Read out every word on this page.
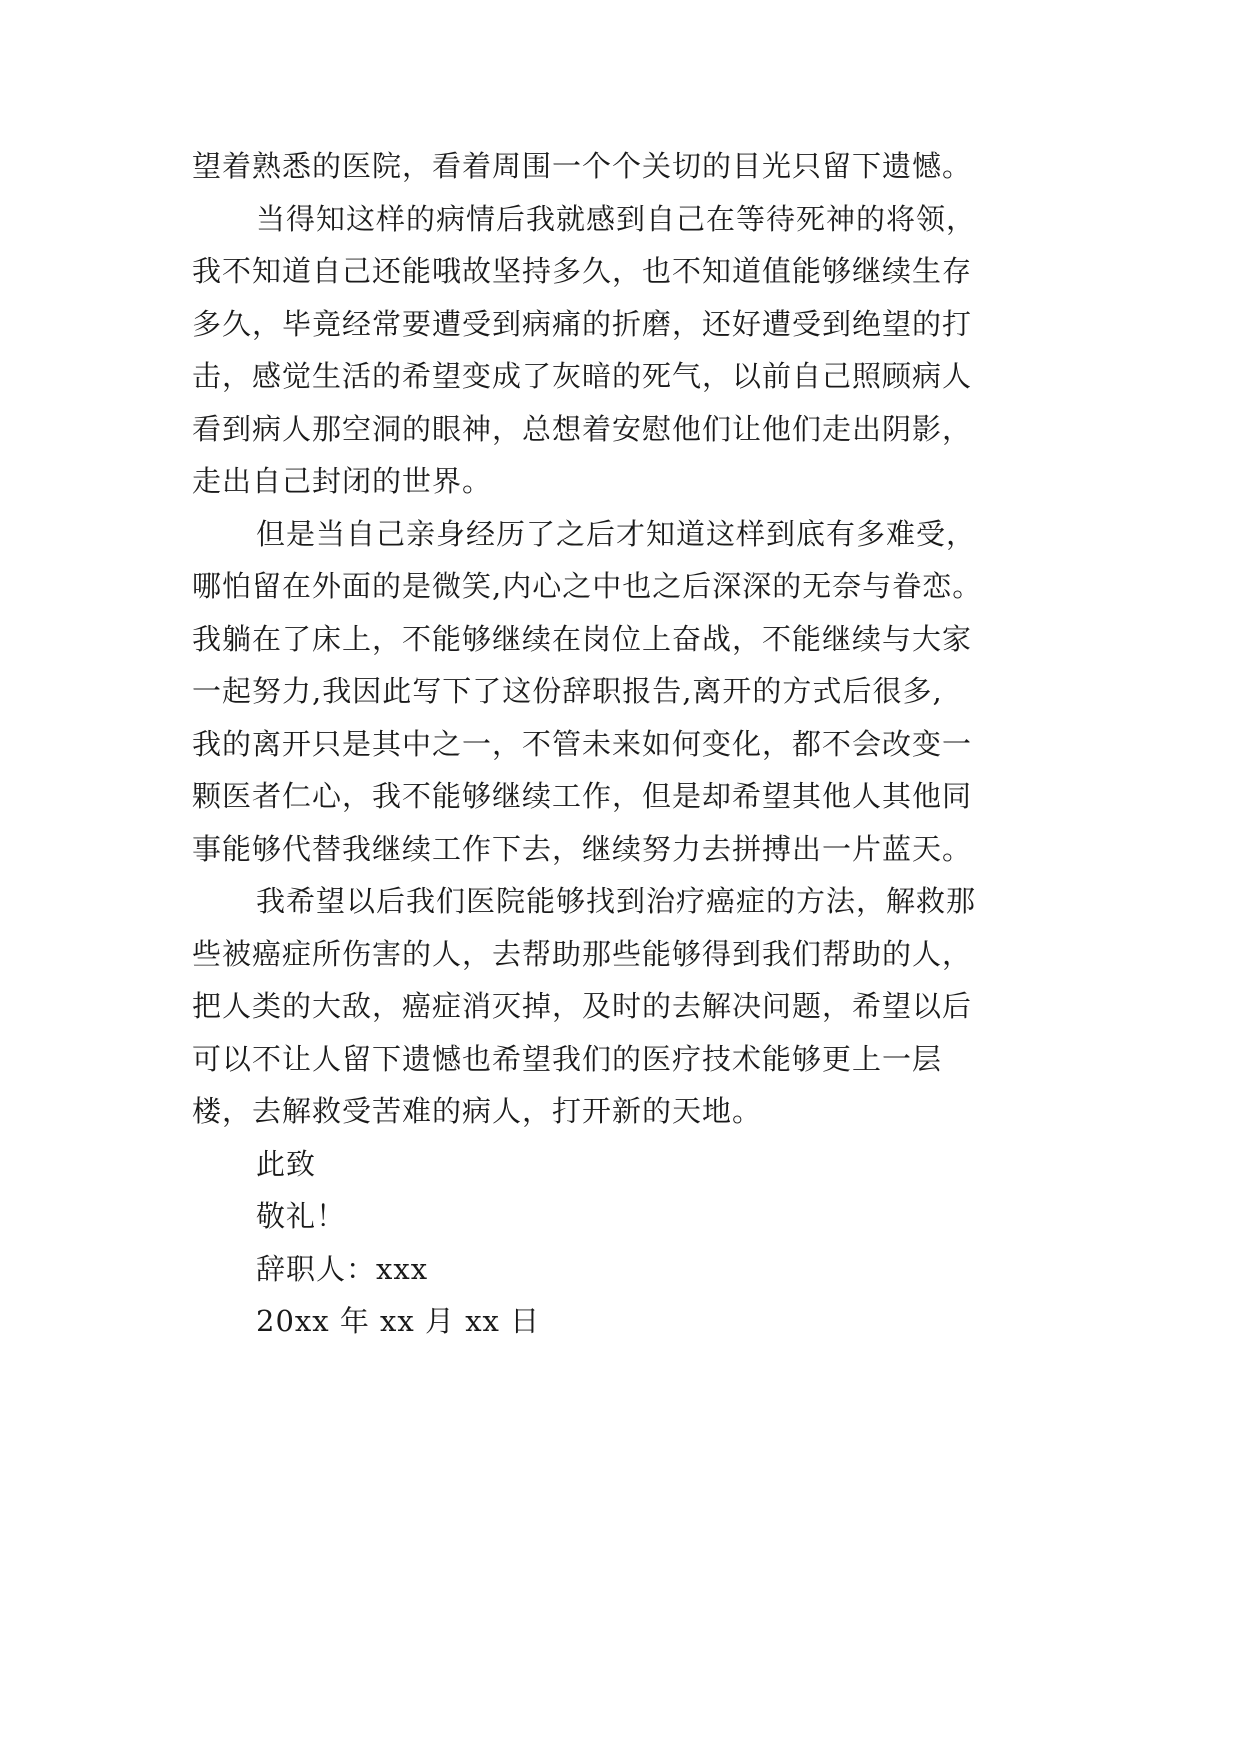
望着熟悉的医院，看着周围一个个关切的目光只留下遗憾。
当得知这样的病情后我就感到自己在等待死神的将领，
我不知道自己还能哦故坚持多久，也不知道值能够继续生存
多久，毕竟经常要遭受到病痛的折磨，还好遭受到绝望的打
击，感觉生活的希望变成了灰暗的死气，以前自己照顾病人
看到病人那空洞的眼神，总想着安慰他们让他们走出阴影，
走出自己封闭的世界。
但是当自己亲身经历了之后才知道这样到底有多难受，
哪怕留在外面的是微笑,内心之中也之后深深的无奈与眷恋。
我躺在了床上，不能够继续在岗位上奋战，不能继续与大家
一起努力,我因此写下了这份辞职报告,离开的方式后很多,
我的离开只是其中之一，不管未来如何变化，都不会改变一
颗医者仁心，我不能够继续工作，但是却希望其他人其他同
事能够代替我继续工作下去，继续努力去拼搏出一片蓝天。
我希望以后我们医院能够找到治疗癌症的方法，解救那
些被癌症所伤害的人，去帮助那些能够得到我们帮助的人，
把人类的大敌，癌症消灭掉，及时的去解决问题，希望以后
可以不让人留下遗憾也希望我们的医疗技术能够更上一层
楼，去解救受苦难的病人，打开新的天地。
此致
敬礼！
辞职人：xxx
20xx 年 xx 月 xx 日
